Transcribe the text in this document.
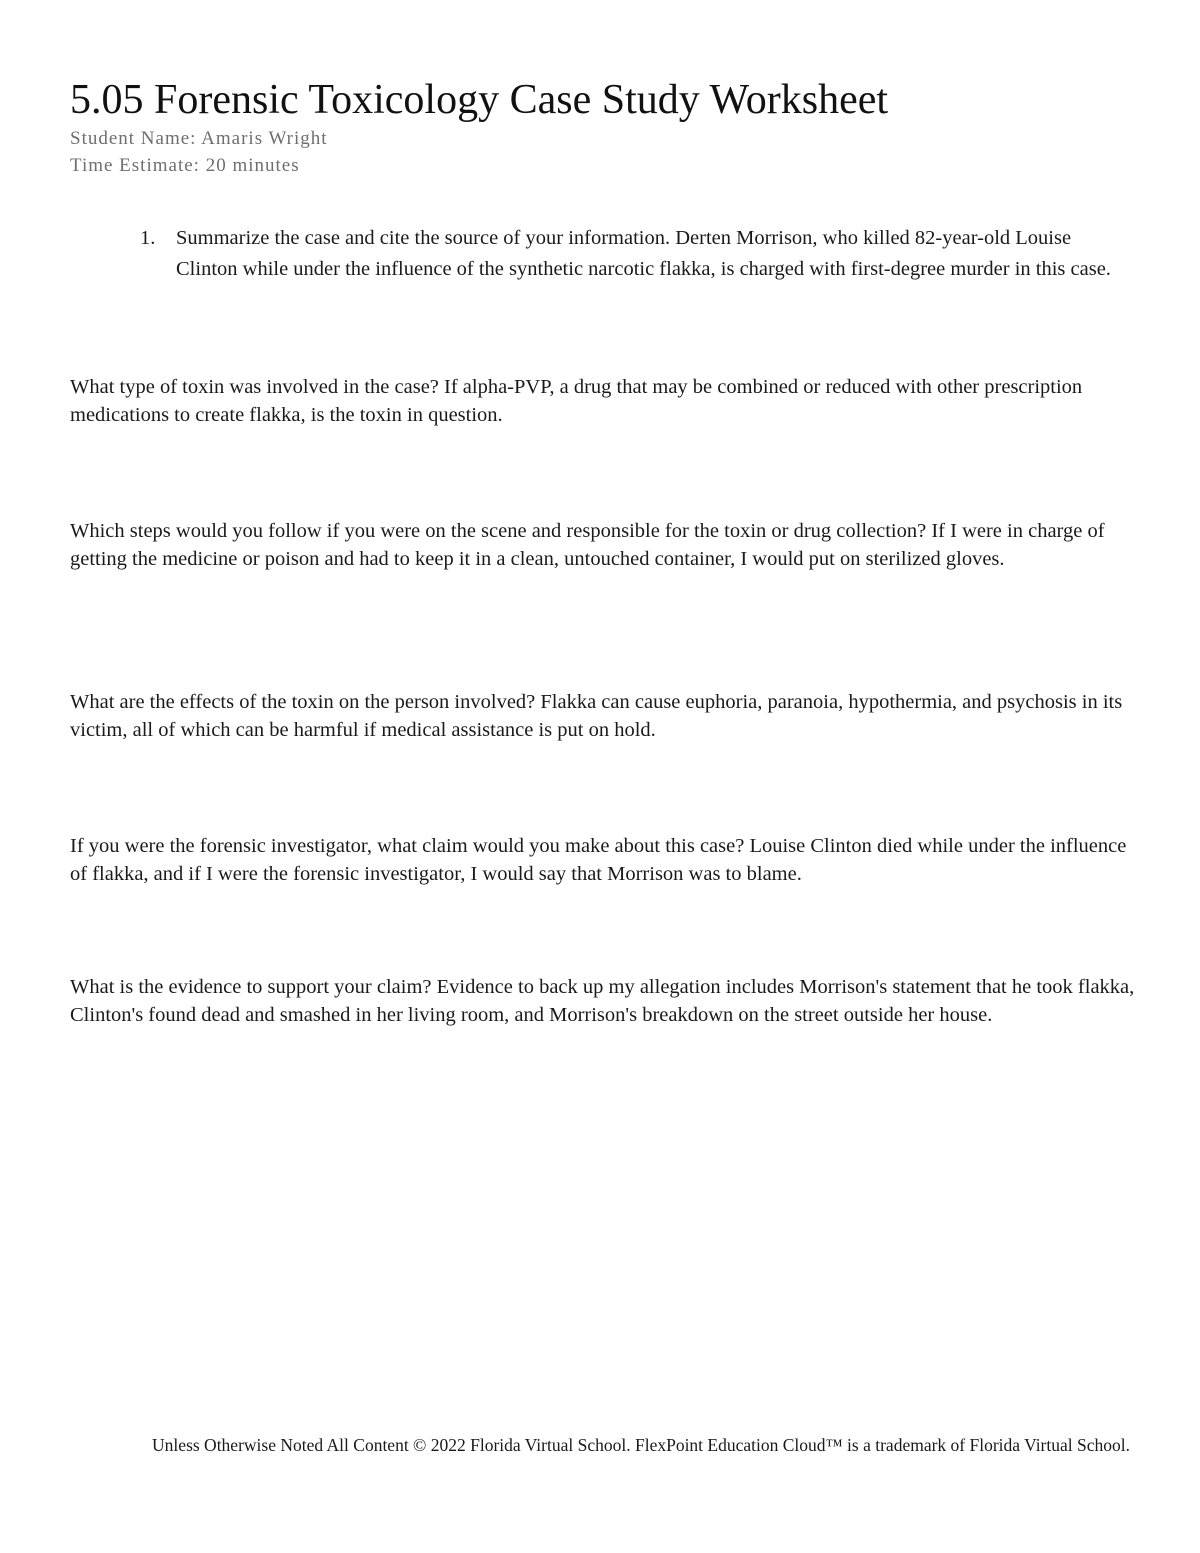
5.05 Forensic Toxicology Case Study Worksheet
Student Name: Amaris Wright
Time Estimate: 20 minutes
1.	Summarize the case and cite the source of your information. Derten Morrison, who killed 82-year-old Louise Clinton while under the influence of the synthetic narcotic flakka, is charged with first-degree murder in this case.

What type of toxin was involved in the case? If alpha-PVP, a drug that may be combined or reduced with other prescription medications to create flakka, is the toxin in question.

Which steps would you follow if you were on the scene and responsible for the toxin or drug collection? If I were in charge of getting the medicine or poison and had to keep it in a clean, untouched container, I would put on sterilized gloves.

What are the effects of the toxin on the person involved? Flakka can cause euphoria, paranoia, hypothermia, and psychosis in its victim, all of which can be harmful if medical assistance is put on hold.

If you were the forensic investigator, what claim would you make about this case? Louise Clinton died while under the influence of flakka, and if I were the forensic investigator, I would say that Morrison was to blame.

What is the evidence to support your claim? Evidence to back up my allegation includes Morrison's statement that he took flakka, Clinton's found dead and smashed in her living room, and Morrison's breakdown on the street outside her house.

Unless Otherwise Noted All Content © 2022 Florida Virtual School. FlexPoint Education Cloud™ is a trademark of Florida Virtual School.
